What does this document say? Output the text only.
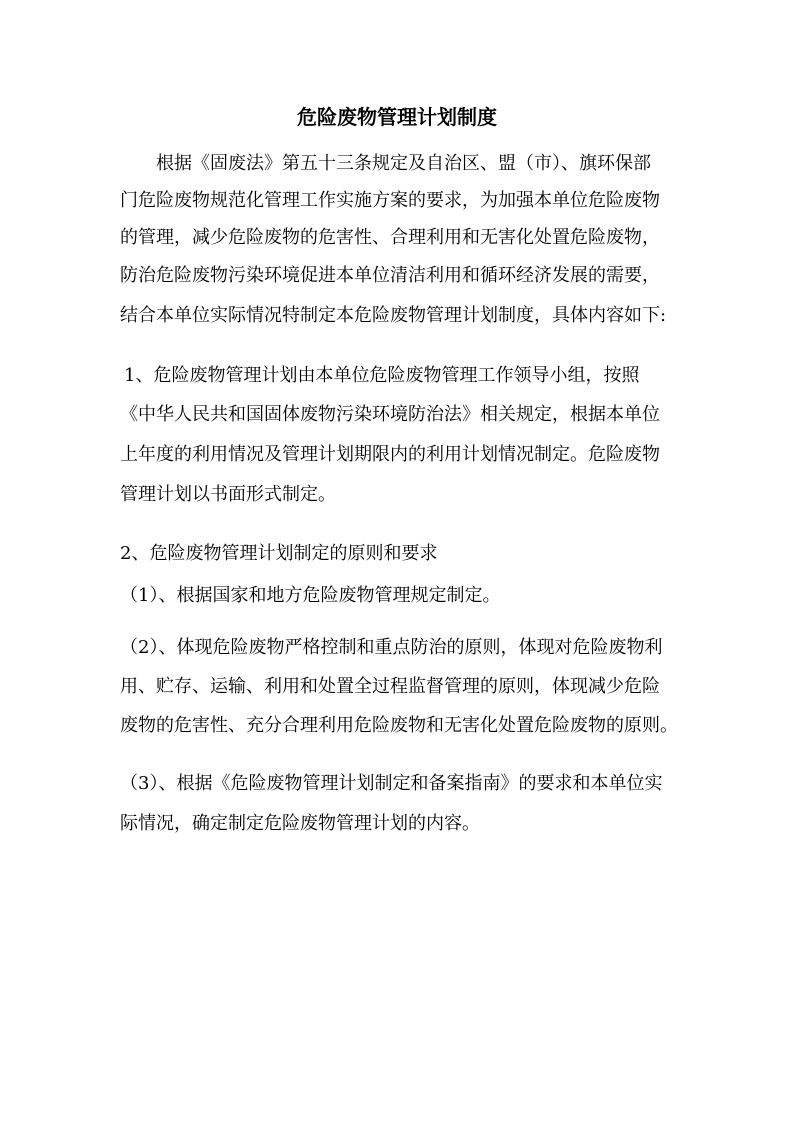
危险废物管理计划制度
根据《固废法》第五十三条规定及自治区、盟（市）、旗环保部
门危险废物规范化管理工作实施方案的要求，为加强本单位危险废物
的管理，减少危险废物的危害性、合理利用和无害化处置危险废物，
防治危险废物污染环境促进本单位清洁利用和循环经济发展的需要，
结合本单位实际情况特制定本危险废物管理计划制度，具体内容如下:
1、危险废物管理计划由本单位危险废物管理工作领导小组，按照
《中华人民共和国固体废物污染环境防治法》相关规定，根据本单位
上年度的利用情况及管理计划期限内的利用计划情况制定。危险废物
管理计划以书面形式制定。
2、危险废物管理计划制定的原则和要求
（1）、根据国家和地方危险废物管理规定制定。
（2）、体现危险废物严格控制和重点防治的原则，体现对危险废物利
用、贮存、运输、利用和处置全过程监督管理的原则，体现减少危险
废物的危害性、充分合理利用危险废物和无害化处置危险废物的原则。
（3）、根据《危险废物管理计划制定和备案指南》的要求和本单位实
际情况，确定制定危险废物管理计划的内容。
